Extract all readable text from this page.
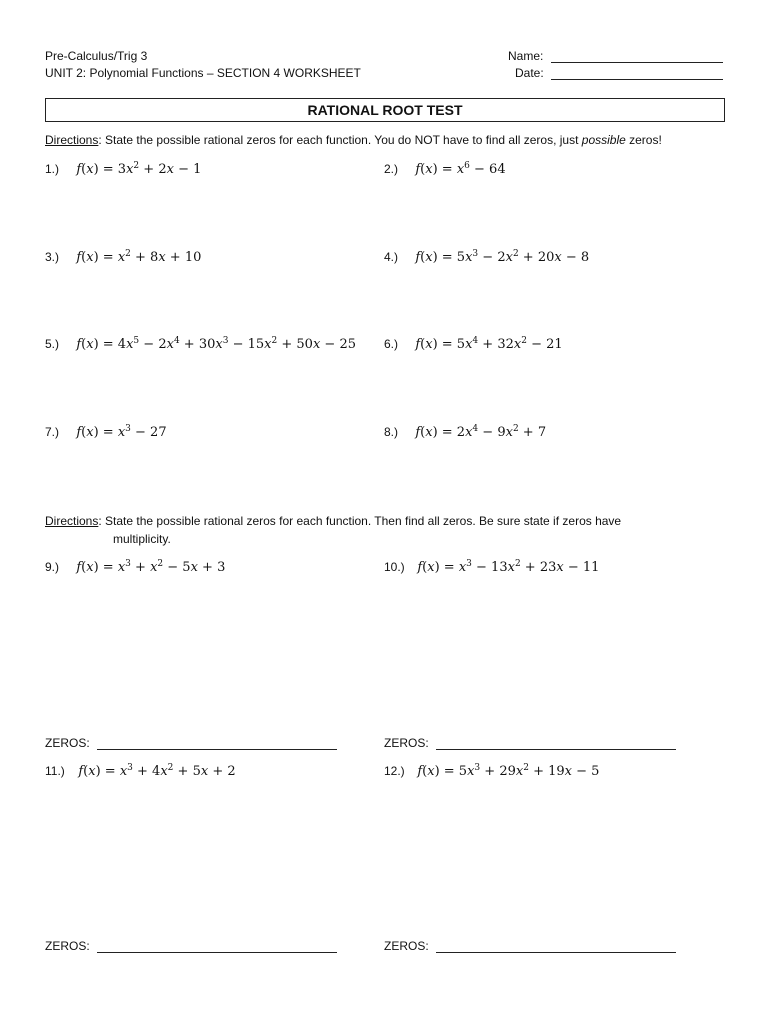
Pre-Calculus/Trig 3
UNIT 2: Polynomial Functions – SECTION 4 WORKSHEET
Name:
Date:
RATIONAL ROOT TEST
Directions: State the possible rational zeros for each function. You do NOT have to find all zeros, just possible zeros!
1.) $f(x) = 3x^2 + 2x - 1$	2.) $f(x) = x^6 - 64$
3.) $f(x) = x^2 + 8x + 10$	4.) $f(x) = 5x^3 - 2x^2 + 20x - 8$
5.) $f(x) = 4x^5 - 2x^4 + 30x^3 - 15x^2 + 50x - 25$ 6.) $f(x) = 5x^4 + 32x^2 - 21$
7.) $f(x) = x^3 - 27$	8.) $f(x) = 2x^4 - 9x^2 + 7$
Directions: State the possible rational zeros for each function. Then find all zeros. Be sure state if zeros have
multiplicity.
9.) $f(x) = x^3 + x^2 - 5x + 3$	10.) $f(x) = x^3 - 13x^2 + 23x - 11$
ZEROS:	ZEROS:
11.) $f(x) = x^3 + 4x^2 + 5x + 2$	12.) $f(x) = 5x^3 + 29x^2 + 19x - 5$
ZEROS:	ZEROS:
